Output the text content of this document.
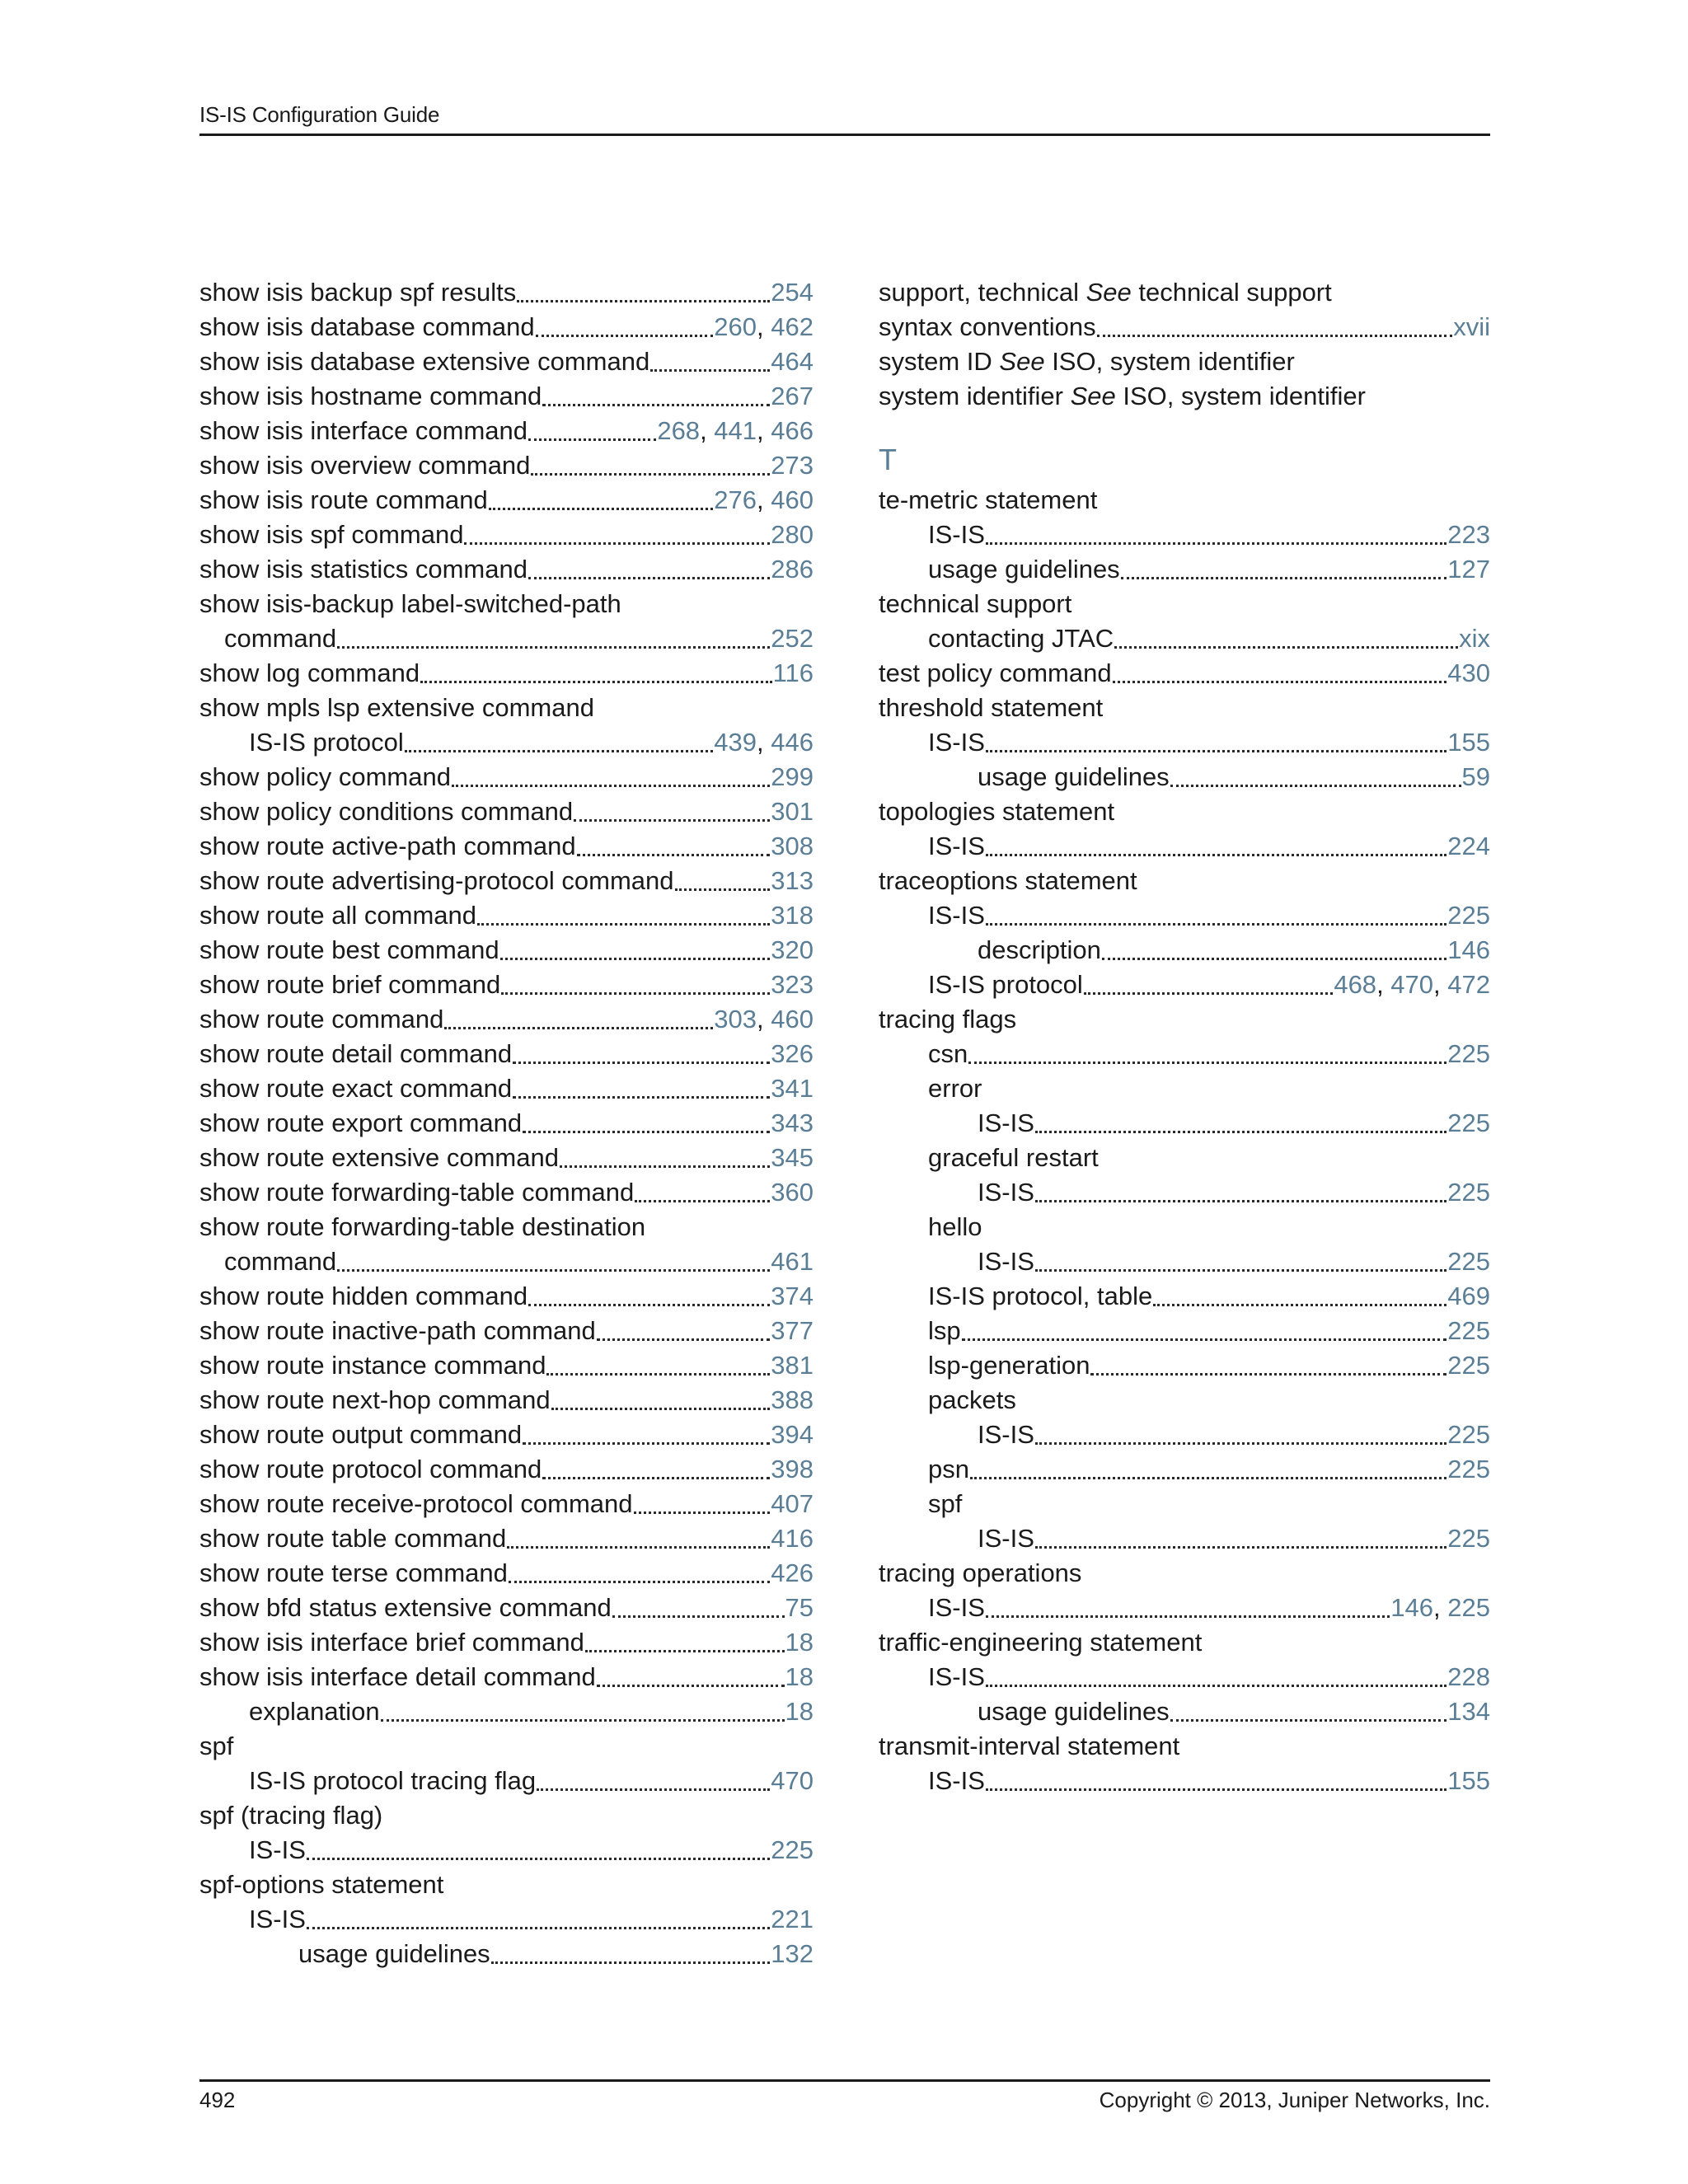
IS-IS Configuration Guide
show isis backup spf results	254
show isis database command	260, 462
show isis database extensive command	464
show isis hostname command	267
show isis interface command	268, 441, 466
show isis overview command	273
show isis route command	276, 460
show isis spf command	280
show isis statistics command	286
show isis-backup label-switched-path
command	252
show log command	116
show mpls lsp extensive command
IS-IS protocol	439, 446
show policy command	299
show policy conditions command	301
show route active-path command	308
show route advertising-protocol command	313
show route all command	318
show route best command	320
show route brief command	323
show route command	303, 460
show route detail command	326
show route exact command	341
show route export command	343
show route extensive command	345
show route forwarding-table command	360
show route forwarding-table destination
command	461
show route hidden command	374
show route inactive-path command	377
show route instance command	381
show route next-hop command	388
show route output command	394
show route protocol command	398
show route receive-protocol command	407
show route table command	416
show route terse command	426
show bfd status extensive command	75
show isis interface brief command	18
show isis interface detail command	18
explanation	18
spf
IS-IS protocol tracing flag	470
spf (tracing flag)
IS-IS	225
spf-options statement
IS-IS	221
usage guidelines	132
support, technical See technical support
syntax conventions	xvii
system ID See ISO, system identifier
system identifier See ISO, system identifier
T
te-metric statement
IS-IS	223
usage guidelines	127
technical support
contacting JTAC	xix
test policy command	430
threshold statement
IS-IS	155
usage guidelines	59
topologies statement
IS-IS	224
traceoptions statement
IS-IS	225
description	146
IS-IS protocol	468, 470, 472
tracing flags
csn	225
error
IS-IS	225
graceful restart
IS-IS	225
hello
IS-IS	225
IS-IS protocol, table	469
lsp	225
lsp-generation	225
packets
IS-IS	225
psn	225
spf
IS-IS	225
tracing operations
IS-IS	146, 225
traffic-engineering statement
IS-IS	228
usage guidelines	134
transmit-interval statement
IS-IS	155
492	Copyright © 2013, Juniper Networks, Inc.
